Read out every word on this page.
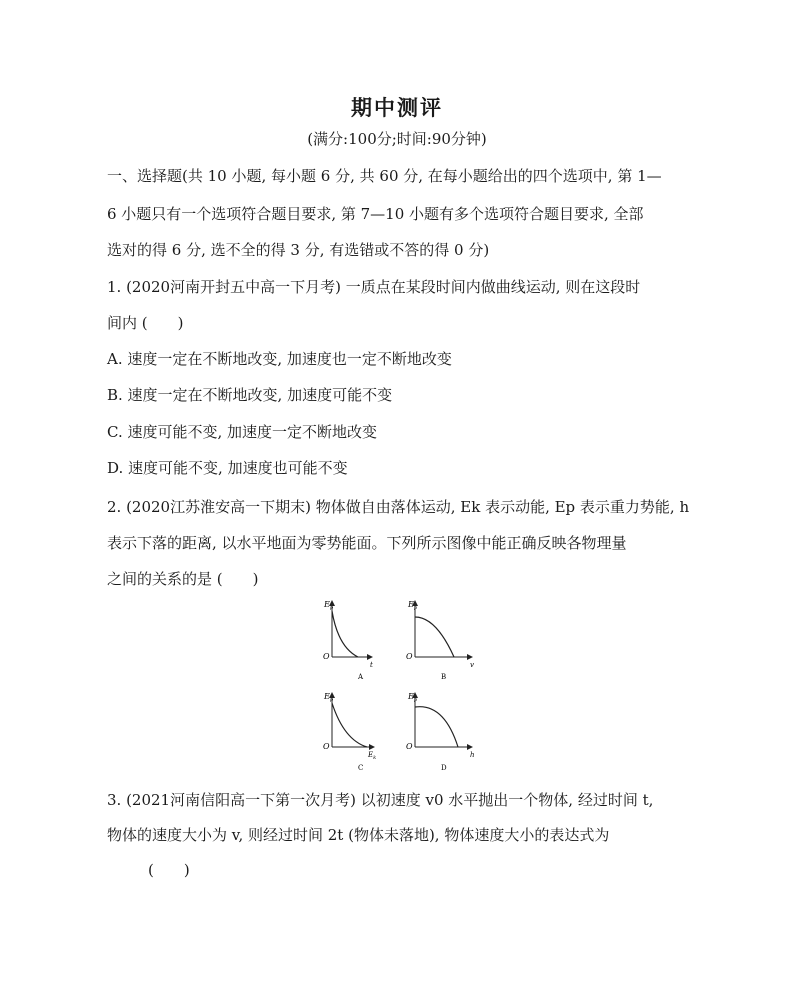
期中测评
(满分:100分;时间:90分钟)
一、选择题(共 10 小题, 每小题 6 分, 共 60 分, 在每小题给出的四个选项中, 第 1—
6 小题只有一个选项符合题目要求, 第 7—10 小题有多个选项符合题目要求, 全部
选对的得 6 分, 选不全的得 3 分, 有选错或不答的得 0 分)
1. (2020河南开封五中高一下月考) 一质点在某段时间内做曲线运动, 则在这段时
间内 (　　)
A. 速度一定在不断地改变, 加速度也一定不断地改变
B. 速度一定在不断地改变, 加速度可能不变
C. 速度可能不变, 加速度一定不断地改变
D. 速度可能不变, 加速度也可能不变
2. (2020江苏淮安高一下期末) 物体做自由落体运动, Ek 表示动能, Ep 表示重力势能, h
表示下落的距离, 以水平地面为零势能面。下列所示图像中能正确反映各物理量
之间的关系的是 (　　)
$E_p$
O
t
A
$E_p$
O
v
B
$E_p$
O
$E_k$
C
$E_p$
O
h
D
3. (2021河南信阳高一下第一次月考) 以初速度 v0 水平抛出一个物体, 经过时间 t,
物体的速度大小为 v, 则经过时间 2t (物体未落地), 物体速度大小的表达式为
(　　)
